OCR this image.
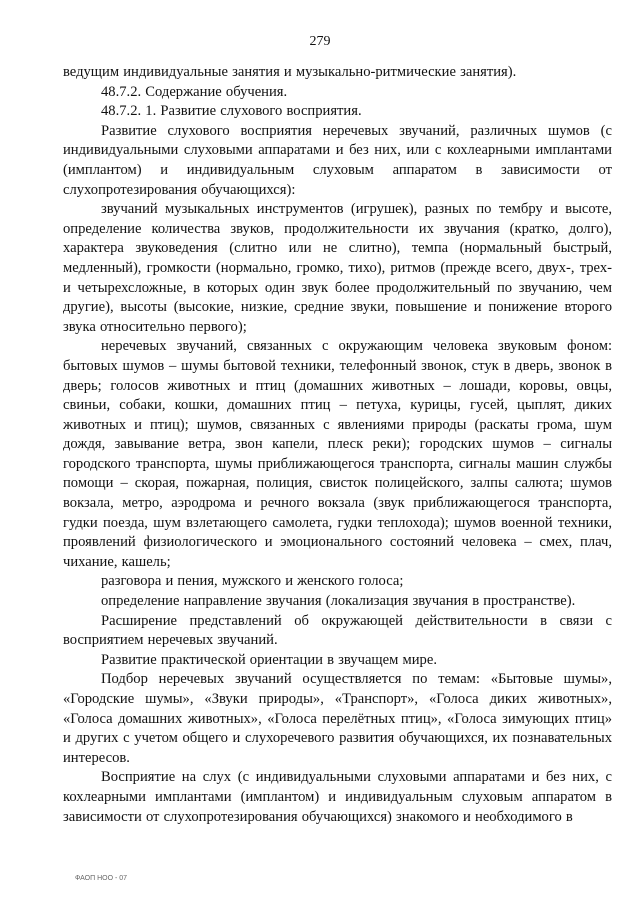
279

ведущим индивидуальные занятия и музыкально-ритмические занятия).

48.7.2. Содержание обучения.

48.7.2. 1. Развитие слухового восприятия.

Развитие слухового восприятия неречевых звучаний, различных шумов (с индивидуальными слуховыми аппаратами и без них, или с кохлеарными имплантами (имплантом) и индивидуальным слуховым аппаратом в зависимости от слухопротезирования обучающихся):

звучаний музыкальных инструментов (игрушек), разных по тембру и высоте, определение количества звуков, продолжительности их звучания (кратко, долго), характера звуковедения (слитно или не слитно), темпа (нормальный быстрый, медленный), громкости (нормально, громко, тихо), ритмов (прежде всего, двух-, трех- и четырехсложные, в которых один звук более продолжительный по звучанию, чем другие), высоты (высокие, низкие, средние звуки, повышение и понижение второго звука относительно первого);

неречевых звучаний, связанных с окружающим человека звуковым фоном: бытовых шумов – шумы бытовой техники, телефонный звонок, стук в дверь, звонок в дверь; голосов животных и птиц (домашних животных – лошади, коровы, овцы, свиньи, собаки, кошки, домашних птиц – петуха, курицы, гусей, цыплят, диких животных и птиц); шумов, связанных с явлениями природы (раскаты грома, шум дождя, завывание ветра, звон капели, плеск реки); городских шумов – сигналы городского транспорта, шумы приближающегося транспорта, сигналы машин службы помощи – скорая, пожарная, полиция, свисток полицейского, залпы салюта; шумов вокзала, метро, аэродрома и речного вокзала (звук приближающегося транспорта, гудки поезда, шум взлетающего самолета, гудки теплохода); шумов военной техники, проявлений физиологического и эмоционального состояний человека – смех, плач, чихание, кашель;

разговора и пения, мужского и женского голоса;

определение направление звучания (локализация звучания в пространстве).

Расширение представлений об окружающей действительности в связи с восприятием неречевых звучаний.

Развитие практической ориентации в звучащем мире.

Подбор неречевых звучаний осуществляется по темам: «Бытовые шумы», «Городские шумы», «Звуки природы», «Транспорт», «Голоса диких животных», «Голоса домашних животных», «Голоса перелётных птиц», «Голоса зимующих птиц» и других с учетом общего и слухоречевого развития обучающихся, их познавательных интересов.

Восприятие на слух (с индивидуальными слуховыми аппаратами и без них, с кохлеарными имплантами (имплантом) и индивидуальным слуховым аппаратом в зависимости от слухопротезирования обучающихся) знакомого и необходимого в

ФАОП НОО - 07
